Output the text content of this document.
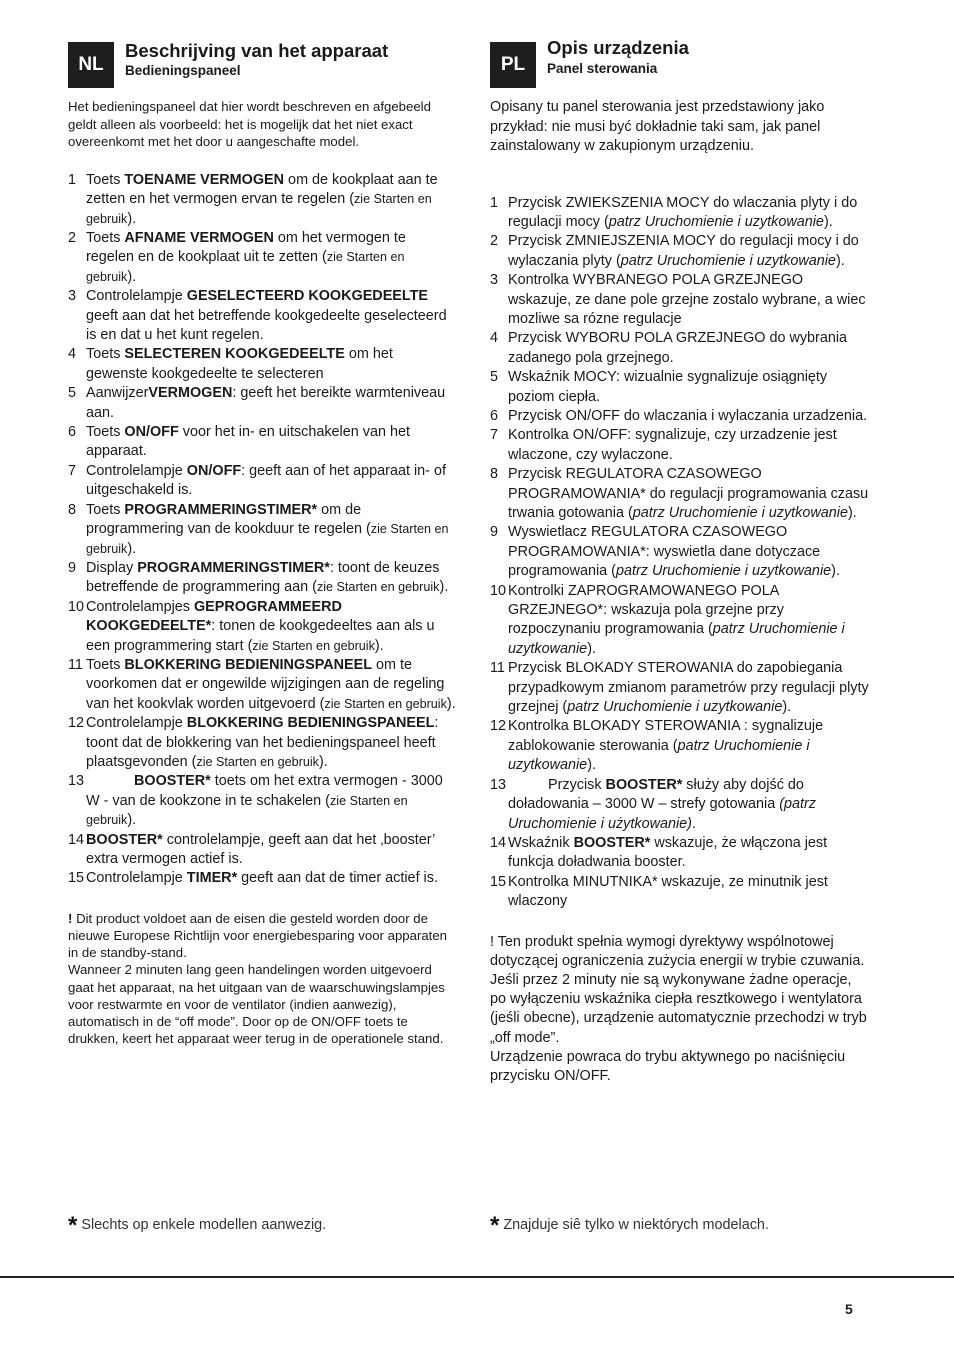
NL
Beschrijving van het apparaat
Bedieningspaneel

Het bedieningspaneel dat hier wordt beschreven en afgebeeld geldt alleen als voorbeeld: het is mogelijk dat het niet exact overeenkomt met het door u aangeschafte model.

1 Toets TOENAME VERMOGEN om de kookplaat aan te zetten en het vermogen ervan te regelen (zie Starten en gebruik).
2 Toets AFNAME VERMOGEN om het vermogen te regelen en de kookplaat uit te zetten (zie Starten en gebruik).
3 Controlelampje GESELECTEERD KOOKGEDEELTE geeft aan dat het betreffende kookgedeelte geselecteerd is en dat u het kunt regelen.
4 Toets SELECTEREN KOOKGEDEELTE om het gewenste kookgedeelte te selecteren
5 AanwijzerVERMOGEN: geeft het bereikte warmteniveau aan.
6 Toets ON/OFF voor het in- en uitschakelen van het apparaat.
7 Controlelampje ON/OFF: geeft aan of het apparaat in- of uitgeschakeld is.
8 Toets PROGRAMMERINGSTIMER* om de programmering van de kookduur te regelen (zie Starten en gebruik).
9 Display PROGRAMMERINGSTIMER*: toont de keuzes betreffende de programmering aan (zie Starten en gebruik).
10 Controlelampjes GEPROGRAMMEERD KOOKGEDEELTE*: tonen de kookgedeeltes aan als u een programmering start (zie Starten en gebruik).
11 Toets BLOKKERING BEDIENINGSPANEEL om te voorkomen dat er ongewilde wijzigingen aan de regeling van het kookvlak worden uitgevoerd (zie Starten en gebruik).
12 Controlelampje BLOKKERING BEDIENINGSPANEEL: toont dat de blokkering van het bedieningspaneel heeft plaatsgevonden (zie Starten en gebruik).
13	BOOSTER* toets om het extra vermogen - 3000 W - van de kookzone in te schakelen (zie Starten en gebruik).
14 BOOSTER* controlelampje, geeft aan dat het ‚booster’ extra vermogen actief is.
15 Controlelampje TIMER* geeft aan dat de timer actief is.

! Dit product voldoet aan de eisen die gesteld worden door de nieuwe Europese Richtlijn voor energiebesparing voor apparaten in de standby-stand.
Wanneer 2 minuten lang geen handelingen worden uitgevoerd gaat het apparaat, na het uitgaan van de waarschuwingslampjes voor restwarmte en voor de ventilator (indien aanwezig), automatisch in de “off mode”. Door op de ON/OFF toets te drukken, keert het apparaat weer terug in de operationele stand.

PL
Opis urządzenia
Panel sterowania

Opisany tu panel sterowania jest przedstawiony jako przykład: nie musi być dokładnie taki sam, jak panel zainstalowany w zakupionym urządzeniu.

1 Przycisk ZWIEKSZENIA MOCY do wlaczania plyty i do regulacji mocy (patrz Uruchomienie i uzytkowanie).
2 Przycisk ZMNIEJSZENIA MOCY do regulacji mocy i do wylaczania plyty (patrz Uruchomienie i uzytkowanie).
3 Kontrolka WYBRANEGO POLA GRZEJNEGO wskazuje, ze dane pole grzejne zostalo wybrane, a wiec mozliwe sa rózne regulacje
4 Przycisk WYBORU POLA GRZEJNEGO do wybrania zadanego pola grzejnego.
5 Wskaźnik MOCY: wizualnie sygnalizuje osiągnięty poziom ciepła.
6 Przycisk ON/OFF do wlaczania i wylaczania urzadzenia.
7 Kontrolka ON/OFF: sygnalizuje, czy urzadzenie jest wlaczone, czy wylaczone.
8 Przycisk REGULATORA CZASOWEGO PROGRAMOWANIA* do regulacji programowania czasu trwania gotowania (patrz Uruchomienie i uzytkowanie).
9 Wyswietlacz REGULATORA CZASOWEGO PROGRAMOWANIA*: wyswietla dane dotyczace programowania (patrz Uruchomienie i uzytkowanie).
10 Kontrolki ZAPROGRAMOWANEGO POLA GRZEJNEGO*: wskazuja pola grzejne przy rozpoczynaniu programowania (patrz Uruchomienie i uzytkowanie).
11 Przycisk BLOKADY STEROWANIA do zapobiegania przypadkowym zmianom parametrów przy regulacji plyty grzejnej (patrz Uruchomienie i uzytkowanie).
12 Kontrolka BLOKADY STEROWANIA : sygnalizuje zablokowanie sterowania (patrz Uruchomienie i uzytkowanie).
13 Przycisk BOOSTER* służy aby dojść do doładowania – 3000 W – strefy gotowania (patrz Uruchomienie i użytkowanie).
14 Wskaźnik BOOSTER* wskazuje, że włączona jest funkcja doładwania booster.
15 Kontrolka MINUTNIKA* wskazuje, ze minutnik jest wlaczony

! Ten produkt spełnia wymogi dyrektywy wspólnotowej dotyczącej ograniczenia zużycia energii w trybie czuwania.
Jeśli przez 2 minuty nie są wykonywane żadne operacje, po wyłączeniu wskaźnika ciepła resztkowego i wentylatora (jeśli obecne), urządzenie automatycznie przechodzi w tryb „off mode”.
Urządzenie powraca do trybu aktywnego po naciśnięciu przycisku ON/OFF.

* Slechts op enkele modellen aanwezig.	* Znajduje siê tylko w niektórych modelach.
5
